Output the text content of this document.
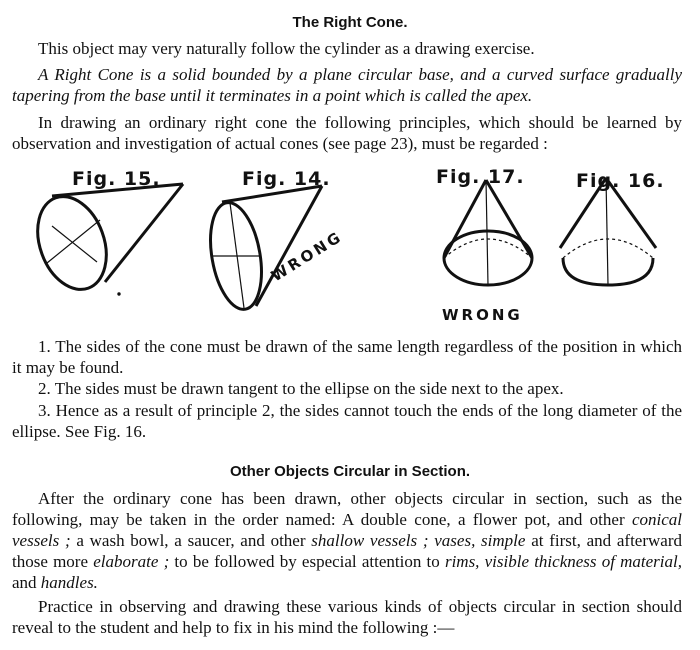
The Right Cone.

This object may very naturally follow the cylinder as a drawing exercise.

A Right Cone is a solid bounded by a plane circular base, and a curved surface gradually tapering from the base until it terminates in a point which is called the apex.

In drawing an ordinary right cone the following principles, which should be learned by observation and investigation of actual cones (see page 23), must be regarded :

Fig. 15.	Fig. 14.	Fig. 17.	Fig. 16.
WRONG
WRONG

1. The sides of the cone must be drawn of the same length regardless of the position in which it may be found.

2. The sides must be drawn tangent to the ellipse on the side next to the apex.

3. Hence as a result of principle 2, the sides cannot touch the ends of the long diameter of the ellipse. See Fig. 16.

Other Objects Circular in Section.

After the ordinary cone has been drawn, other objects circular in section, such as the following, may be taken in the order named: A double cone, a flower pot, and other conical vessels ; a wash bowl, a saucer, and other shallow vessels ; vases, simple at first, and afterward those more elaborate ; to be followed by especial attention to rims, visible thickness of material, and handles.

Practice in observing and drawing these various kinds of objects circular in section should reveal to the student and help to fix in his mind the following :—
